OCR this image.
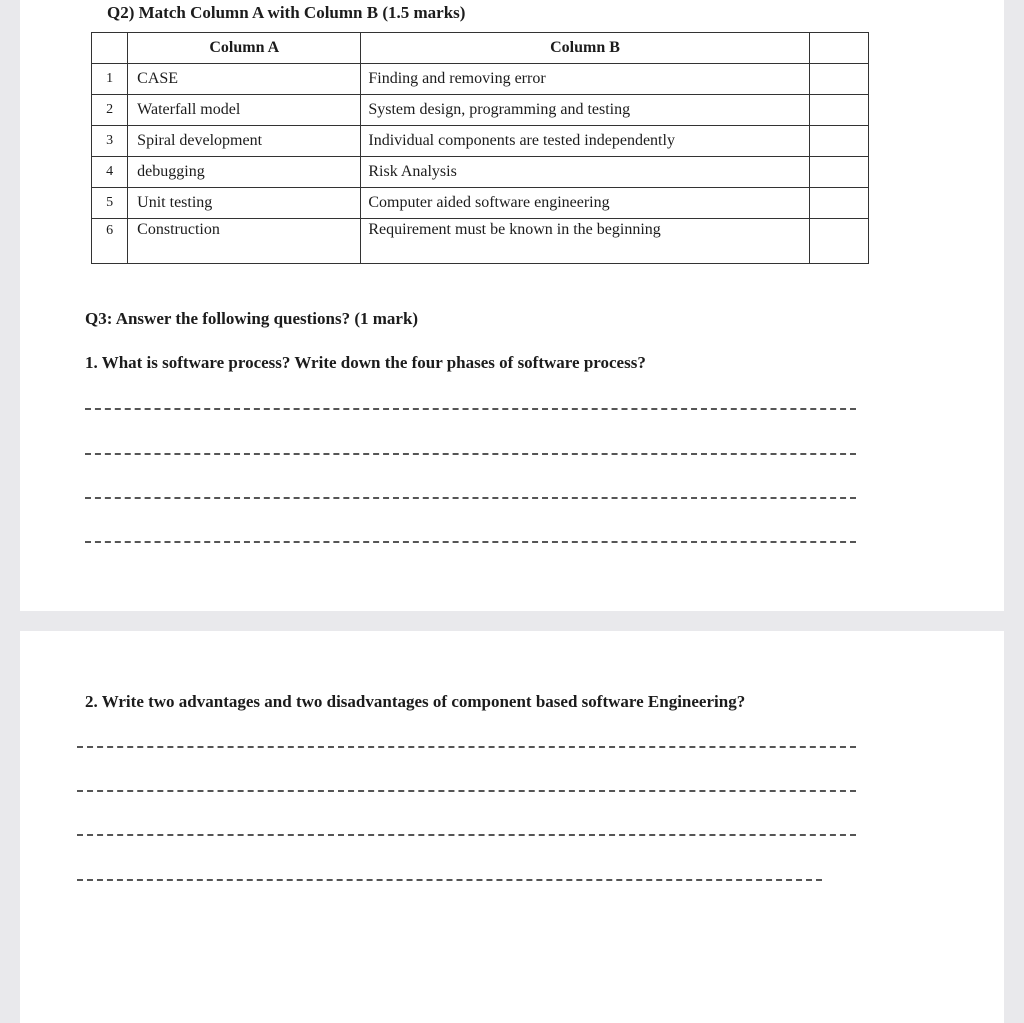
Q2) Match Column A with Column B (1.5 marks)
	Column A	Column B	
1	CASE	Finding and removing error	
2	Waterfall model	System design, programming and testing	
3	Spiral development	Individual components are tested independently	
4	debugging	Risk Analysis	
5	Unit testing	Computer aided software engineering	
6	Construction	Requirement must be known in the beginning	
Q3: Answer the following questions? (1 mark)
1. What is software process? Write down the four phases of software process?
2. Write two advantages and two disadvantages of component based software Engineering?
